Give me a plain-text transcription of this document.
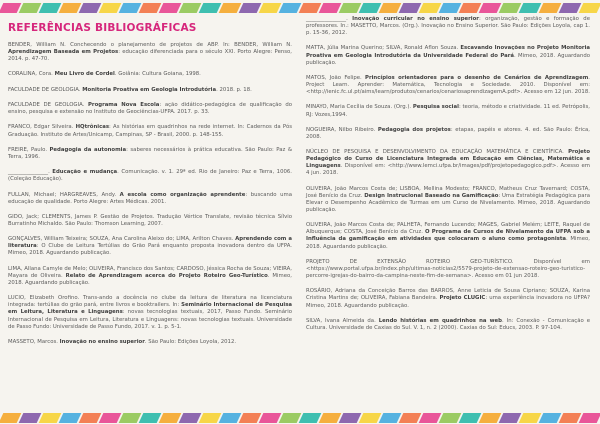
REFERÊNCIAS BIBLIOGRÁFICAS
BENDER, William N. Conchecendo o planejamento de projetos de ABP. In: BENDER, William N. Aprendizagem Baseada em Projetos: educação diferenciada para o século XXI. Porto Alegre: Penso, 2014. p. 47-70.
CORALINA, Cora. Meu Livro de Cordel. Goiânia: Cultura Goiana, 1998.
FACULDADE DE GEOLOGIA. Monitoria Proativa em Geologia Introdutória. 2018. p. 18.
FACULDADE DE GEOLOGIA. Programa Nova Escola: ação didático-pedagógica de qualificação do ensino, pesquisa e extensão no Instituto de Geociências-UFPA. 2017. p. 33.
FRANCO, Edgar Silveira. HQtrônicas: As histórias em quadrinhos na rede internet. In: Cadernos da Pós Graduação. Instituto de Artes/Unicamp, Campinas, SP - Brasil, 2000. p. 148-155.
FREIRE, Paulo. Pedagogia da autonomia: saberes necessários à prática educativa. São Paulo: Paz & Terra, 1996.
_______________. Educação e mudança. Comunicação. v. 1. 29ª ed. Rio de Janeiro: Paz e Terra, 1006. (Coleção Educação).
FULLAN, Michael; HARGREAVES, Andy. A escola como organização aprendente: buscando uma educação de qualidade. Porto Alegre: Artes Médicas. 2001.
GIDO, Jack; CLEMENTS, James P. Gestão de Projetos. Tradução Vértice Translate, revisão técnica Sílvio Burratinho Michaldo. São Paulo: Thomson Learning, 2007.
GONÇALVES, William Teixeira; SOUZA, Ana Carolina Aleixo do; LIMA, Arilton Chaves. Aprendendo com a literatura: O Clube de Leitura Tertúlias do Grão Pará enquanto proposta inovadora dentro da UFPA. Mimeo, 2018. Aguardando publicação.
LIMA, Allana Camyle de Melo; OLIVEIRA, Francisco dos Santos; CARDOSO, Jéssica Rocha de Souza; VIEIRA, Mayara de Oliveira. Relato de Aprendizagem acerca do Projeto Roteiro Geo-Turístico. Mimeo, 2018. Aguardando publicação.
LUCIO, Elizabeth Orofino. Trans-ando a docência no clube da leitura de literatura na licenciatura integrada: tertúlias do grão pará, entre livros e booktrailers. In: Seminário Internacional de Pesquisa em Leitura, Literatura e Linguagens: novas tecnologias textuais, 2017, Passo Fundo. Seminário Internacional de Pesquisa em Leitura, Literatura e Linguagens: novas tecnologias textuais. Universidade de Passo Fundo: Universidade de Passo Fundo, 2017. v. 1. p. 5-1.
MASSETO, Marcos. Inovação no ensino superior. São Paulo: Edições Loyola, 2012.
_______________. Inovação curricular no ensino superior: organização, gestão e formação de professores. In.: MASETTO, Marcos. (Org.). Inovação no Ensino Superior. São Paulo: Edições Loyola, cap 1. p. 15-36, 2012.
MATTA, Júlia Marina Querino; SILVA, Ronald Aflon Souza. Escavando Inovações no Projeto Monitoria Proativa em Geologia Introdutória da Universidade Federal do Pará. Mimeo, 2018. Aguardando publicação.
MATOS, João Felipe. Princípios orientadores para o desenho de Cenários de Aprendizagem. Project Learn. Aprender: Matemática, Tecnologia e Sociedade. 2010. Disponível em: <http://ienic.fc.ul.pt/aims/learn/produtos/cenarios/cenariosaprendizagemA.pdf>. Acesso em 12 jun. 2018.
MINAYO, Maria Cecília de Souza. (Org.). Pesquisa social: teoria, método e criatividade. 11 ed. Petrópolis, RJ: Vozes,1994.
NOGUEIRA, Nilbo Ribeiro. Pedagogia dos projetos: etapas, papéis e atores. 4. ed. São Paulo: Érica, 2008.
NÚCLEO DE PESQUISA E DESENVOLVIMENTO DA EDUCAÇÃO MATEMÁTICA E CIENTÍFICA. Projeto Pedagógico do Curso de Licenciatura Integrada em Educação em Ciências, Matemática e Linguagens. Disponível em: <http://www.lemci.ufpa.br/images/pdf/projetopedagogico.pdf>. Acesso em 4 jun. 2018.
OLIVEIRA, João Marcos Costa de; LISBOA, Mellina Modesto; FRANCO, Matheus Cruz Tavernard; COSTA, José Benício da Cruz. Design Instrucional Baseado na Gamificação: Uma Estratégia Pedagógica para Elevar o Desempenho Acadêmico de Turmas em um Curso de Nivelamento. Mimeo, 2018. Aguardando publicação.
OLIVEIRA, João Marcos Costa de; PALHETA, Fernando Lucendo; MAGES, Gabriel Melém; LEITE, Raquel de Albuquerque; COSTA, José Benício da Cruz. O Programa de Cursos de Nivelamento da UFPA sob a Influência da gamificação em atividades que colocaram o aluno como protagonista. Mimeo, 2018. Aguardando publicação.
PROJETO DE EXTENSÃO ROTEIRO GEO-TURÍSTICO. Disponível em <https://www.portal.ufpa.br/index.php/ultimas-noticias2/5579-projeto-de-extensao-roteiro-geo-turistico-percorre-igrejas-do-bairro-da-campina-neste-fim-de-semana>. Acesso em 01 jun 2018.
ROSÁRIO, Adriana da Conceição Barros das BARROS, Anne Leticia de Sousa Cipriano; SOUZA, Karina Cristina Martins de; OLIVEIRA, Fabiana Bandeira. Projeto CLUGIC: uma experiência inovadora no UFPA? Mimeo, 2018. Aguardando publicação.
SILVA, Ivana Almeida da. Lendo histórias em quadrinhos na web. In: Conexão - Comunicação e Cultura. Universidade de Caxias do Sul. V. 1, n. 2 (2000). Caxias do Sul: Educs, 2003. P. 97-104.
